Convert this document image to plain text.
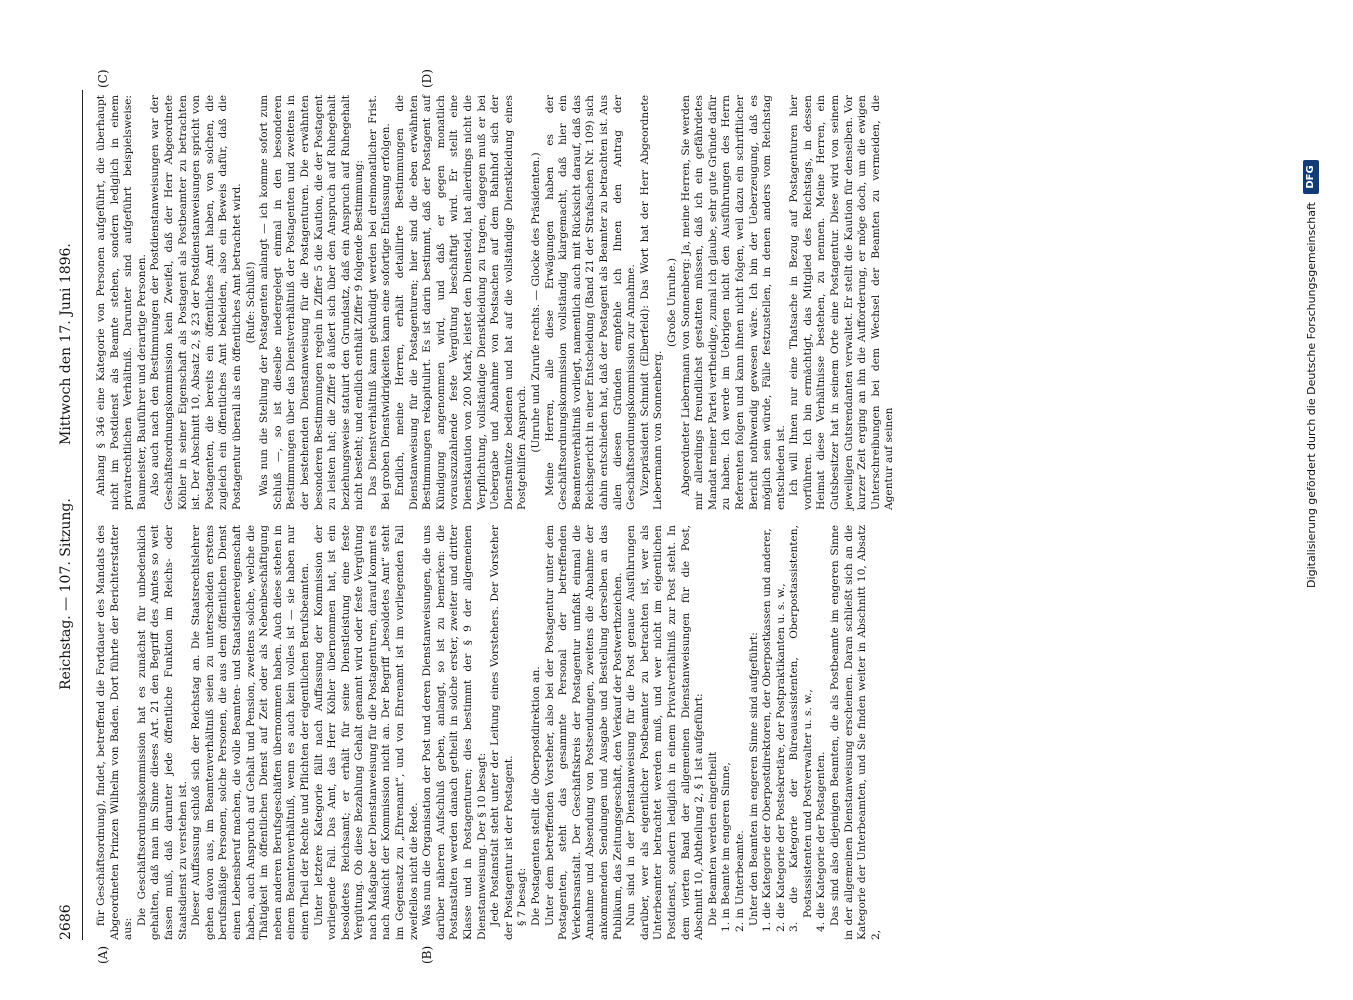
2686
Reichstag. — 107. Sitzung.
Mittwoch den 17. Juni 1896.
(A)	(B)
(C)	(D)

für Geschäftsordnung), findet, betreffend die Fortdauer des Mandats des Abgeordneten Prinzen Wilhelm von Baden. Dort führte der Berichterstatter aus:

Die Geschäftsordnungskommission hat es zunächst für unbedenklich gehalten, daß man im Sinne dieses Art. 21 den Begriff des Amtes so weit fassen muß, daß darunter jede öffentliche Funktion im Reichs- oder Staatsdienst zu verstehen ist. Dieser Auffassung schloß sich der Reichstag an. Die Staatsrechtslehrer gehen davon aus, im Beamtenverhältniß seien zu unterscheiden erstens berufsmäßige Personen, solche Personen, die aus dem öffentlichen Dienst einen Lebensberuf machen, die volle Beamten- und Staatsdienereigenschaft haben, auch Anspruch auf Gehalt und Pension, zweitens solche, welche die Thätigkeit im öffentlichen Dienst auf Zeit oder als Nebenbeschäftigung neben anderen Berufsgeschäften übernommen haben. Auch diese stehen in einem Beamtenverhältniß, wenn es auch kein volles ist — sie haben nur einen Theil der Rechte und Pflichten der eigentlichen Berufsbeamten. Unter letztere Kategorie fällt nach Auffassung der Kommission der vorliegende Fall. Das Amt, das Herr Köhler übernommen hat, ist ein besoldetes Reichsamt; er erhält für seine Dienstleistung eine feste Vergütung. Ob diese Bezahlung Gehalt genannt wird oder feste Vergütung nach Maßgabe der Dienstanweisung für die Postagenturen, darauf kommt es nach Ansicht der Kommission nicht an. Der Begriff „besoldetes Amt“ steht im Gegensatz zu „Ehrenamt“, und von Ehrenamt ist im vorliegenden Fall zweifellos nicht die Rede. Was nun die Organisation der Post und deren Dienstanweisungen, die uns darüber näheren Aufschluß geben, anlangt, so ist zu bemerken: die Postanstalten werden danach getheilt in solche erster, zweiter und dritter Klasse und in Postagenturen; dies bestimmt der § 9 der allgemeinen Dienstanweisung. Der § 10 besagt: Jede Postanstalt steht unter der Leitung eines Vorstehers. Der Vorsteher der Postagentur ist der Postagent. § 7 besagt: Die Postagenten stellt die Oberpostdirektion an. Unter dem betreffenden Vorsteher, also bei der Postagentur unter dem Postagenten, steht das gesammte Personal der betreffenden Verkehrsanstalt. Der Geschäftskreis der Postagentur umfaßt einmal die Annahme und Absendung von Postsendungen, zweitens die Abnahme der ankommenden Sendungen und Ausgabe und Bestellung derselben an das Publikum, das Zeitungsgeschäft, den Verkauf der Postwerthzeichen. Nun sind in der Dienstanweisung für die Post genaue Ausführungen darüber, wer als eigentlicher Postbeamter zu betrachten ist, wer als Unterbeamter betrachtet werden muß, und wer nicht im eigentlichen Postdienst, sondern lediglich in einem Privatverhältniß zur Post steht. In dem vierten Band der allgemeinen Dienstanweisungen für die Post, Abschnitt 10, Abtheilung 2, § 1 ist aufgeführt: Die Beamten werden eingetheilt 1. in Beamte im engeren Sinne, 2. in Unterbeamte. Unter den Beamten im engeren Sinne sind aufgeführt: 1. die Kategorie der Oberpostdirektoren, der Oberpostkassen und anderer, 2. die Kategorie der Postsekretäre, der Postpraktikanten u. s. w., 3. die Kategorie der Büreauassistenten, Oberpostassistenten, Postassistenten und Postverwalter u. s. w., 4. die Kategorie der Postagenten. Das sind also diejenigen Beamten, die als Postbeamte im engeren Sinne in der allgemeinen Dienstanweisung erscheinen. Daran schließt sich an die Kategorie der Unterbeamten, und Sie finden weiter in Abschnitt 10, Absatz 2,

Anhang § 346 eine Kategorie von Personen aufgeführt, die überhaupt nicht im Postdienst als Beamte stehen, sondern lediglich in einem privatrechtlichen Verhältniß. Darunter sind aufgeführt beispielsweise: Baumeister, Bauführer und derartige Personen. Also auch nach den Bestimmungen der Postdienstanweisungen war der Geschäftsordnungskommission kein Zweifel, daß der Herr Abgeordnete Köhler in seiner Eigenschaft als Postagent als Postbeamter zu betrachten ist. Der Abschnitt 10, Absatz 2, § 23 der Postdienstanweisungen spricht von Postagenten, die bereits ein öffentliches Amt haben, von solchen, die zugleich ein öffentliches Amt bekleiden, also ein Beweis dafür, daß die Postagentur überall als ein öffentliches Amt betrachtet wird. (Rufe: Schluß!) Was nun die Stellung der Postagenten anlangt — ich komme sofort zum Schluß —, so ist dieselbe niedergelegt einmal in den besonderen Bestimmungen über das Dienstverhältniß der Postagenten und zweitens in der bestehenden Dienstanweisung für die Postagenturen. Die erwähnten besonderen Bestimmungen regeln in Ziffer 5 die Kaution, die der Postagent zu leisten hat; die Ziffer 8 äußert sich über den Anspruch auf Ruhegehalt beziehungsweise statuirt den Grundsatz, daß ein Anspruch auf Ruhegehalt nicht besteht; und endlich enthält Ziffer 9 folgende Bestimmung: Das Dienstverhältniß kann gekündigt werden bei dreimonatlicher Frist. Bei groben Dienstwidrigkeiten kann eine sofortige Entlassung erfolgen. Endlich, meine Herren, erhält detaillirte Bestimmungen die Dienstanweisung für die Postagenturen; hier sind die eben erwähnten Bestimmungen rekapitulirt. Es ist darin bestimmt, daß der Postagent auf Kündigung angenommen wird, und daß er gegen monatlich vorauszuzahlende feste Vergütung beschäftigt wird. Er stellt eine Dienstkaution von 200 Mark, leistet den Diensteid, hat allerdings nicht die Verpflichtung, vollständige Dienstkleidung zu tragen, dagegen muß er bei Uebergabe und Abnahme von Postsachen auf dem Bahnhof sich der Dienstmütze bedienen und hat auf die vollständige Dienstkleidung eines Postgehilfen Anspruch. (Unruhe und Zurufe rechts. — Glocke des Präsidenten.) Meine Herren, alle diese Erwägungen haben es der Geschäftsordnungskommission vollständig klargemacht, daß hier ein Beamtenverhältniß vorliegt, namentlich auch mit Rücksicht darauf, daß das Reichsgericht in einer Entscheidung (Band 21 der Strafsachen Nr. 109) sich dahin entschieden hat, daß der Postagent als Beamter zu betrachten ist. Aus allen diesen Gründen empfehle ich Ihnen den Antrag der Geschäftsordnungskommission zur Annahme. Vizepräsident Schmidt (Elberfeld): Das Wort hat der Herr Abgeordnete Liebermann von Sonnenberg.

(Große Unruhe.) Abgeordneter Liebermann von Sonnenberg: Ja, meine Herren, Sie werden mir allerdings freundlichst gestatten müssen, daß ich ein gefährdetes Mandat meiner Partei vertheidige, zumal ich glaube, sehr gute Gründe dafür zu haben. Ich werde im Uebrigen nicht den Ausführungen des Herrn Referenten folgen und kann ihnen nicht folgen, weil dazu ein schriftlicher Bericht nothwendig gewesen wäre. Ich bin der Ueberzeugung, daß es möglich sein würde, Fälle festzustellen, in denen anders vom Reichstag entschieden ist. Ich will Ihnen nur eine Thatsache in Bezug auf Postagenturen hier vorführen. Ich bin ermächtigt, das Mitglied des Reichstags, in dessen Heimat diese Verhältnisse bestehen, zu nennen. Meine Herren, ein Gutsbesitzer hat in seinem Orte eine Postagentur. Diese wird von seinem jeweiligen Gutsrendanten verwaltet. Er stellt die Kaution für denselben. Vor kurzer Zeit erging an ihn die Aufforderung, er möge doch, um die ewigen Unterschreibungen bei dem Wechsel der Beamten zu vermeiden, die Agentur auf seinen	Digitalisierung gefördert durch die Deutsche Forschungsgemeinschaft
DFG
